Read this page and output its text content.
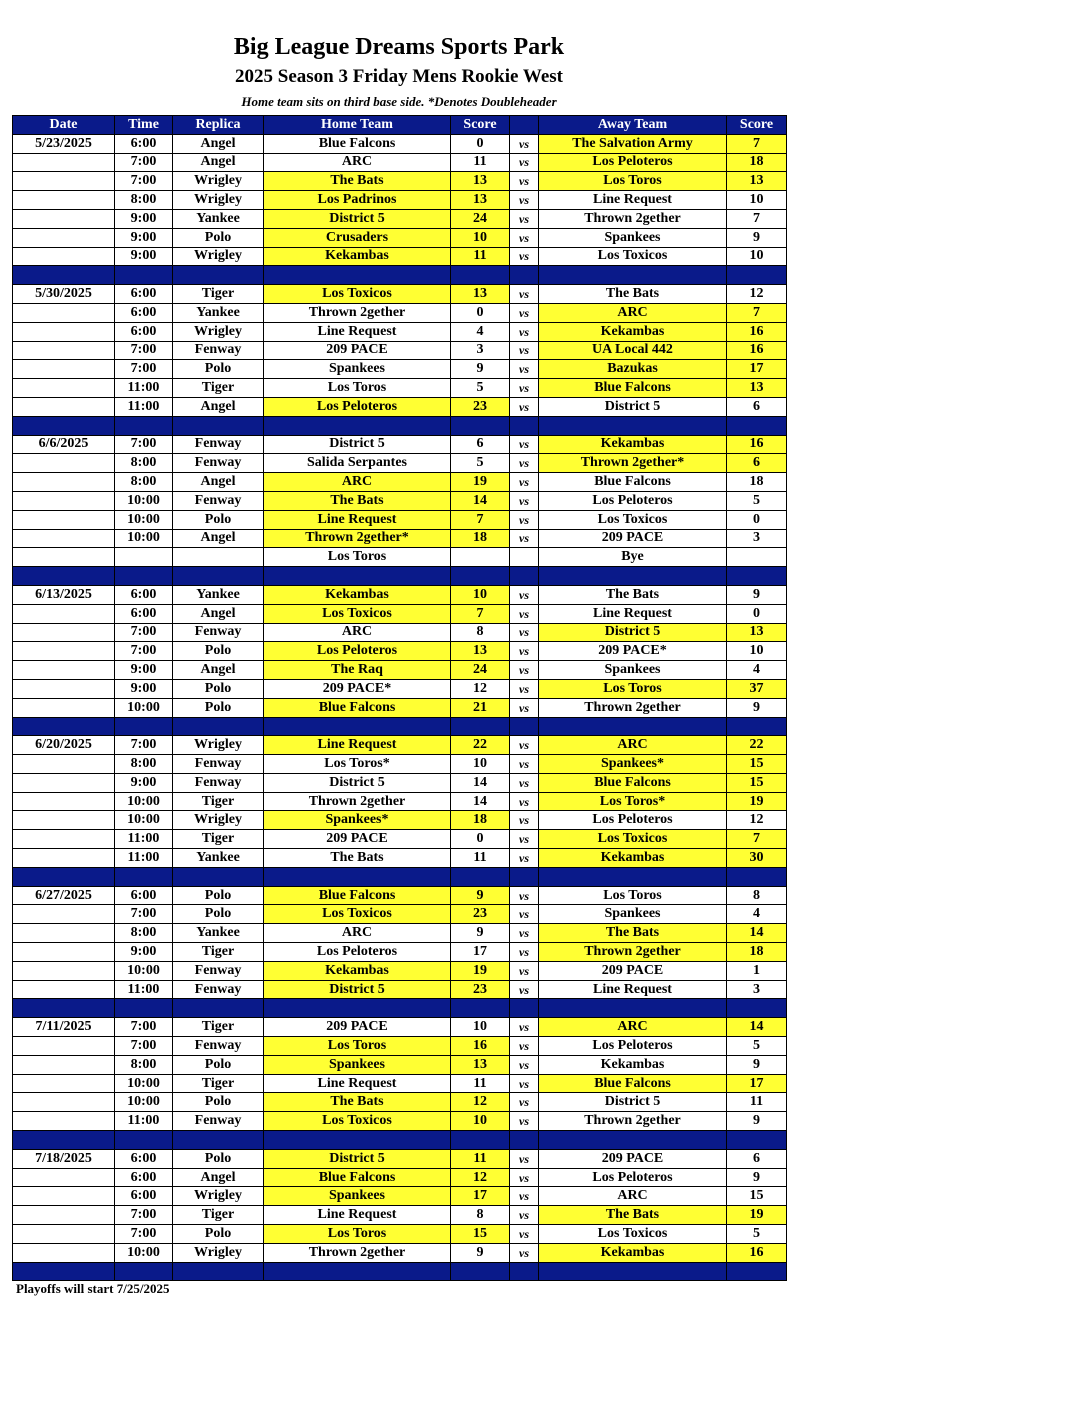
Big League Dreams Sports Park
2025 Season 3 Friday Mens Rookie West
Home team sits on third base side. *Denotes Doubleheader
Date	Time	Replica	Home Team	Score		Away Team	Score
5/23/2025	6:00	Angel	Blue Falcons	0	vs	The Salvation Army	7
	7:00	Angel	ARC	11	vs	Los Peloteros	18
	7:00	Wrigley	The Bats	13	vs	Los Toros	13
	8:00	Wrigley	Los Padrinos	13	vs	Line Request	10
	9:00	Yankee	District 5	24	vs	Thrown 2gether	7
	9:00	Polo	Crusaders	10	vs	Spankees	9
	9:00	Wrigley	Kekambas	11	vs	Los Toxicos	10

5/30/2025	6:00	Tiger	Los Toxicos	13	vs	The Bats	12
	6:00	Yankee	Thrown 2gether	0	vs	ARC	7
	6:00	Wrigley	Line Request	4	vs	Kekambas	16
	7:00	Fenway	209 PACE	3	vs	UA Local 442	16
	7:00	Polo	Spankees	9	vs	Bazukas	17
	11:00	Tiger	Los Toros	5	vs	Blue Falcons	13
	11:00	Angel	Los Peloteros	23	vs	District 5	6

6/6/2025	7:00	Fenway	District 5	6	vs	Kekambas	16
	8:00	Fenway	Salida Serpantes	5	vs	Thrown 2gether*	6
	8:00	Angel	ARC	19	vs	Blue Falcons	18
	10:00	Fenway	The Bats	14	vs	Los Peloteros	5
	10:00	Polo	Line Request	7	vs	Los Toxicos	0
	10:00	Angel	Thrown 2gether*	18	vs	209 PACE	3
			Los Toros			Bye	

6/13/2025	6:00	Yankee	Kekambas	10	vs	The Bats	9
	6:00	Angel	Los Toxicos	7	vs	Line Request	0
	7:00	Fenway	ARC	8	vs	District 5	13
	7:00	Polo	Los Peloteros	13	vs	209 PACE*	10
	9:00	Angel	The Raq	24	vs	Spankees	4
	9:00	Polo	209 PACE*	12	vs	Los Toros	37
	10:00	Polo	Blue Falcons	21	vs	Thrown 2gether	9

6/20/2025	7:00	Wrigley	Line Request	22	vs	ARC	22
	8:00	Fenway	Los Toros*	10	vs	Spankees*	15
	9:00	Fenway	District 5	14	vs	Blue Falcons	15
	10:00	Tiger	Thrown 2gether	14	vs	Los Toros*	19
	10:00	Wrigley	Spankees*	18	vs	Los Peloteros	12
	11:00	Tiger	209 PACE	0	vs	Los Toxicos	7
	11:00	Yankee	The Bats	11	vs	Kekambas	30

6/27/2025	6:00	Polo	Blue Falcons	9	vs	Los Toros	8
	7:00	Polo	Los Toxicos	23	vs	Spankees	4
	8:00	Yankee	ARC	9	vs	The Bats	14
	9:00	Tiger	Los Peloteros	17	vs	Thrown 2gether	18
	10:00	Fenway	Kekambas	19	vs	209 PACE	1
	11:00	Fenway	District 5	23	vs	Line Request	3

7/11/2025	7:00	Tiger	209 PACE	10	vs	ARC	14
	7:00	Fenway	Los Toros	16	vs	Los Peloteros	5
	8:00	Polo	Spankees	13	vs	Kekambas	9
	10:00	Tiger	Line Request	11	vs	Blue Falcons	17
	10:00	Polo	The Bats	12	vs	District 5	11
	11:00	Fenway	Los Toxicos	10	vs	Thrown 2gether	9

7/18/2025	6:00	Polo	District 5	11	vs	209 PACE	6
	6:00	Angel	Blue Falcons	12	vs	Los Peloteros	9
	6:00	Wrigley	Spankees	17	vs	ARC	15
	7:00	Tiger	Line Request	8	vs	The Bats	19
	7:00	Polo	Los Toros	15	vs	Los Toxicos	5
	10:00	Wrigley	Thrown 2gether	9	vs	Kekambas	16

Playoffs will start 7/25/2025
